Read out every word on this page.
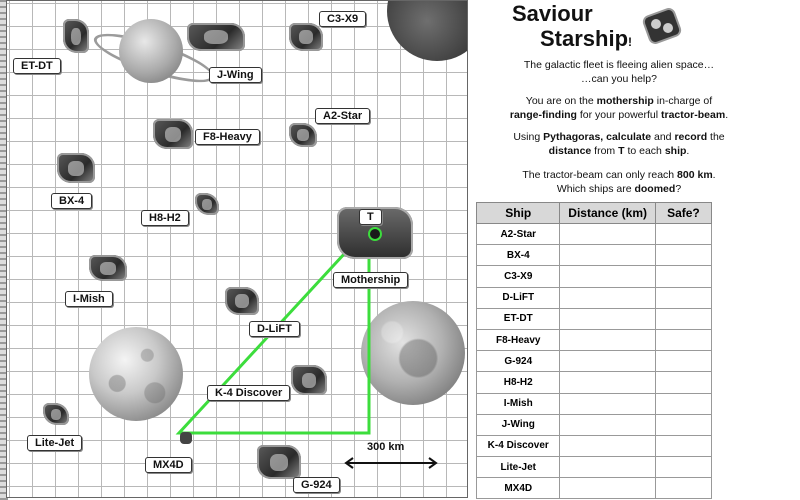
ET-DT
J-Wing
C3-X9
A2-Star
F8-Heavy
BX-4
H8-H2	T
Mothership
I-Mish
D-LiFT
K-4 Discover
Lite-Jet
MX4D
G-924
300 km
Saviour
Starship!
The galactic fleet is fleeing alien space…
…can you help?
You are on the mothership in-charge of
range-finding for your powerful tractor-beam.
Using Pythagoras, calculate and record the
distance from T to each ship.
The tractor-beam can only reach 800 km.
Which ships are doomed?
Ship	Distance (km)	Safe?
A2-Star		
BX-4		
C3-X9		
D-LiFT		
ET-DT		
F8-Heavy		
G-924		
H8-H2		
I-Mish		
J-Wing		
K-4 Discover		
Lite-Jet		
MX4D		
